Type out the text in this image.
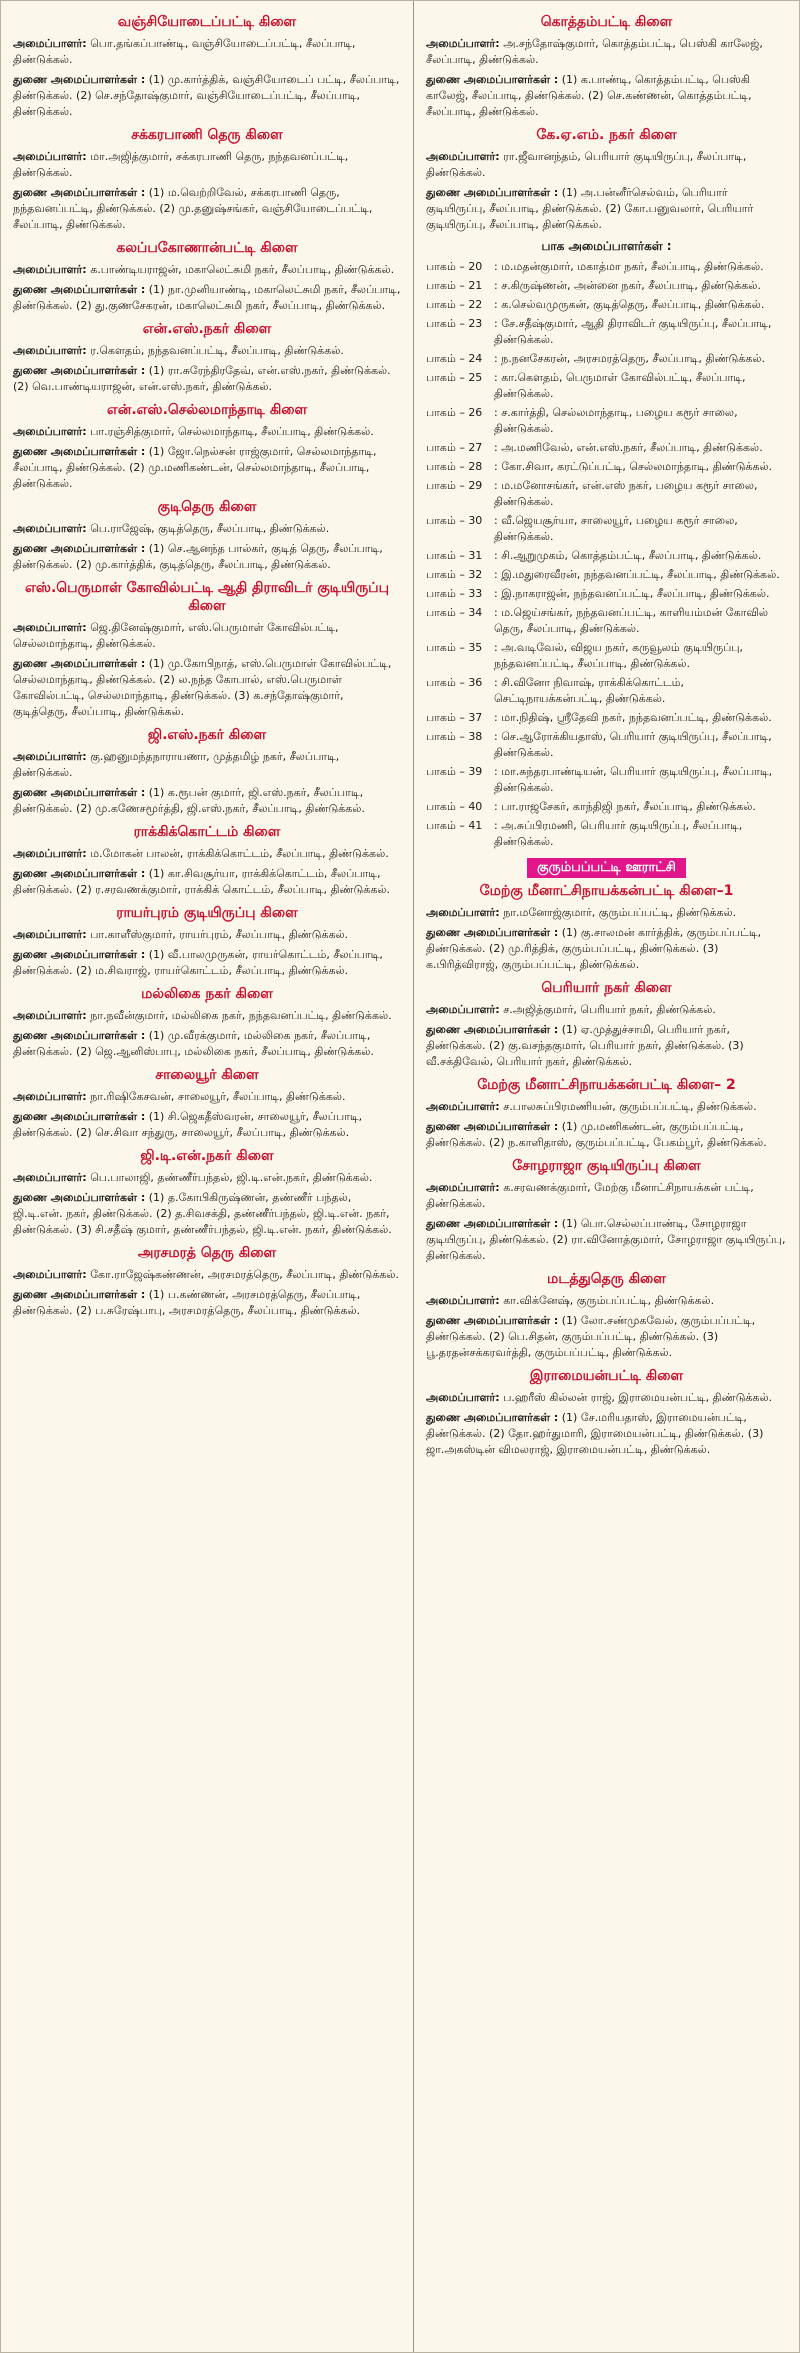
வஞ்சியோடைப்பட்டி கிளை
அமைப்பாளர்: பொ.தங்கப்பாண்டி, வஞ்சியோடைப்பட்டி, சீலப்பாடி, திண்டுக்கல்.
துணை அமைப்பாளர்கள் : (1) மு.கார்த்திக், வஞ்சியோடைப் பட்டி, சீலப்பாடி, திண்டுக்கல். (2) செ.சந்தோஷ்குமார், வஞ்சியோடைப்பட்டி, சீலப்பாடி, திண்டுக்கல்.
சக்கரபாணி தெரு கிளை
அமைப்பாளர்: மா.அஜித்குமார், சக்கரபாணி தெரு, நந்தவனப்பட்டி, திண்டுக்கல்.
துணை அமைப்பாளர்கள் : (1) ம.வெற்றிவேல், சக்கரபாணி தெரு, நந்தவனப்பட்டி, திண்டுக்கல். (2) மு.தனுஷ்சங்கர், வஞ்சியோடைப்பட்டி, சீலப்பாடி, திண்டுக்கல்.
கலப்பகோணான்பட்டி கிளை
அமைப்பாளர்: க.பாண்டியராஜன், மகாலெட்சுமி நகர், சீலப்பாடி, திண்டுக்கல்.
துணை அமைப்பாளர்கள் : (1) நா.முனியாண்டி, மகாலெட்சுமி நகர், சீலப்பாடி, திண்டுக்கல். (2) து.குணசேகரன், மகாலெட்சுமி நகர், சீலப்பாடி, திண்டுக்கல்.
என்.எஸ்.நகர் கிளை
அமைப்பாளர்: ர.கௌதம், நந்தவனப்பட்டி, சீலப்பாடி, திண்டுக்கல்.
துணை அமைப்பாளர்கள் : (1) ரா.சுரேந்திரதேவ், என்.எஸ்.நகர், திண்டுக்கல். (2) வெ.பாண்டியராஜன், என்.எஸ்.நகர், திண்டுக்கல்.
என்.எஸ்.செல்லமாந்தாடி கிளை
அமைப்பாளர்: பா.ரஞ்சித்குமார், செல்லமாந்தாடி, சீலப்பாடி, திண்டுக்கல்.
துணை அமைப்பாளர்கள் : (1) ஜோ.நெல்சன் ராஜ்குமார், செல்லமாந்தாடி, சீலப்பாடி, திண்டுக்கல். (2) மு.மணிகண்டன், செல்லமாந்தாடி, சீலப்பாடி, திண்டுக்கல்.
குடிதெரு கிளை
அமைப்பாளர்: பெ.ராஜேஷ், குடித்தெரு, சீலப்பாடி, திண்டுக்கல்.
துணை அமைப்பாளர்கள் : (1) செ.ஆனந்த பால்கர், குடித் தெரு, சீலப்பாடி, திண்டுக்கல். (2) மு.கார்த்திக், குடித்தெரு, சீலப்பாடி, திண்டுக்கல்.
எஸ்.பெருமாள் கோவில்பட்டி ஆதி திராவிடர் குடியிருப்பு கிளை
அமைப்பாளர்: ஜெ.தினேஷ்குமார், எஸ்.பெருமாள் கோவில்பட்டி, செல்லமாந்தாடி, திண்டுக்கல்.
துணை அமைப்பாளர்கள் : (1) மு.கோபிநாத், எஸ்.பெருமாள் கோவில்பட்டி, செல்லமாந்தாடி, திண்டுக்கல். (2) ல.நந்த கோபால், எஸ்.பெருமாள் கோவில்பட்டி, செல்லமாந்தாடி, திண்டுக்கல். (3) க.சந்தோஷ்குமார், குடித்தெரு, சீலப்பாடி, திண்டுக்கல்.
ஜி.எஸ்.நகர் கிளை
அமைப்பாளர்: கு.ஹனுமந்தநாராயணா, முத்தமிழ் நகர், சீலப்பாடி, திண்டுக்கல்.
துணை அமைப்பாளர்கள் : (1) க.ரூபன் குமார், ஜி.எஸ்.நகர், சீலப்பாடி, திண்டுக்கல். (2) மு.கணேசமூர்த்தி, ஜி.எஸ்.நகர், சீலப்பாடி, திண்டுக்கல்.
ராக்கிக்கொட்டம் கிளை
அமைப்பாளர்: ம.மோகன் பாலன், ராக்கிக்கொட்டம், சீலப்பாடி, திண்டுக்கல்.
துணை அமைப்பாளர்கள் : (1) கா.சிவசூர்யா, ராக்கிக்கொட்டம், சீலப்பாடி, திண்டுக்கல். (2) ர.சரவணக்குமார், ராக்கிக் கொட்டம், சீலப்பாடி, திண்டுக்கல்.
ராயர்புரம் குடியிருப்பு கிளை
அமைப்பாளர்: பா.காளீஸ்குமார், ராயர்புரம், சீலப்பாடி, திண்டுக்கல்.
துணை அமைப்பாளர்கள் : (1) வீ.பாலமுருகன், ராயர்கொட்டம், சீலப்பாடி, திண்டுக்கல். (2) ம.சிவராஜ், ராயர்கொட்டம், சீலப்பாடி, திண்டுக்கல்.
மல்லிகை நகர் கிளை
அமைப்பாளர்: நா.நவீன்குமார், மல்லிகை நகர், நந்தவனப்பட்டி, திண்டுக்கல்.
துணை அமைப்பாளர்கள் : (1) மு.வீரக்குமார், மல்லிகை நகர், சீலப்பாடி, திண்டுக்கல். (2) ஜெ.ஆனிஸ்பாபு, மல்லிகை நகர், சீலப்பாடி, திண்டுக்கல்.
சாலையூர் கிளை
அமைப்பாளர்: நா.ரிஷிகேசவன், சாலையூர், சீலப்பாடி, திண்டுக்கல்.
துணை அமைப்பாளர்கள் : (1) சி.ஜெகதீஸ்வரன், சாலையூர், சீலப்பாடி, திண்டுக்கல். (2) செ.சிவா சந்துரு, சாலையூர், சீலப்பாடி, திண்டுக்கல்.
ஜி.டி.என்.நகர் கிளை
அமைப்பாளர்: பெ.பாலாஜி, தண்ணீர்பந்தல், ஜி.டி.என்.நகர், திண்டுக்கல்.
துணை அமைப்பாளர்கள் : (1) த.கோபிகிருஷ்ணன், தண்ணீர் பந்தல், ஜி.டி.என். நகர், திண்டுக்கல். (2) த.சிவசக்தி, தண்ணீர்பந்தல், ஜி.டி.என். நகர், திண்டுக்கல். (3) சி.சதீஷ் குமார், தண்ணீர்பந்தல், ஜி.டி.என். நகர், திண்டுக்கல்.
அரசமரத் தெரு கிளை
அமைப்பாளர்: கோ.ராஜேஷ்கண்ணன், அரசமரத்தெரு, சீலப்பாடி, திண்டுக்கல்.
துணை அமைப்பாளர்கள் : (1) ப.கண்ணன், அரசமரத்தெரு, சீலப்பாடி, திண்டுக்கல். (2) ப.சுரேஷ்பாபு, அரசமரத்தெரு, சீலப்பாடி, திண்டுக்கல்.
கொத்தம்பட்டி கிளை
அமைப்பாளர்: அ.சந்தோஷ்குமார், கொத்தம்பட்டி, பெஸ்கி காலேஜ், சீலப்பாடி, திண்டுக்கல்.
துணை அமைப்பாளர்கள் : (1) க.பாண்டி, கொத்தம்பட்டி, பெஸ்கி காலேஜ், சீலப்பாடி, திண்டுக்கல். (2) செ.கண்ணன், கொத்தம்பட்டி, சீலப்பாடி, திண்டுக்கல்.
கே.ஏ.எம். நகர் கிளை
அமைப்பாளர்: ரா.ஜீவானந்தம், பெரியார் குடியிருப்பு, சீலப்பாடி, திண்டுக்கல்.
துணை அமைப்பாளர்கள் : (1) அ.பன்னீர்செல்வம், பெரியார் குடியிருப்பு, சீலப்பாடி, திண்டுக்கல். (2) கோ.பனுவலார், பெரியார் குடியிருப்பு, சீலப்பாடி, திண்டுக்கல்.
பாக அமைப்பாளர்கள் :
பாகம் – 20	: ம.மதன்குமார், மகாத்மா நகர், சீலப்பாடி, திண்டுக்கல்.
பாகம் – 21	: ச.கிருஷ்ணன், அன்னை நகர், சீலப்பாடி, திண்டுக்கல்.
பாகம் – 22	: க.செல்வமுருகன், குடித்தெரு, சீலப்பாடி, திண்டுக்கல்.
பாகம் – 23	: சே.சதீஷ்குமார், ஆதி திராவிடர் குடியிருப்பு, சீலப்பாடி, திண்டுக்கல்.
பாகம் – 24	: ந.நனசேகரன், அரசமரத்தெரு, சீலப்பாடி, திண்டுக்கல்.
பாகம் – 25	: கா.கௌதம், பெருமாள் கோவில்பட்டி, சீலப்பாடி, திண்டுக்கல்.
பாகம் – 26	: ச.கார்த்தி, செல்லமாந்தாடி, பழைய கரூர் சாலை, திண்டுக்கல்.
பாகம் – 27	: அ.மணிவேல், என்.எஸ்.நகர், சீலப்பாடி, திண்டுக்கல்.
பாகம் – 28	: கோ.சிவா, கரட்டுப்பட்டி, செல்லமாந்தாடி, திண்டுக்கல்.
பாகம் – 29	: ம.மனோசங்கர், என்.எஸ் நகர், பழைய கரூர் சாலை, திண்டுக்கல்.
பாகம் – 30	: வீ.ஜெயசூர்யா, சாலையூர், பழைய கரூர் சாலை, திண்டுக்கல்.
பாகம் – 31	: சி.ஆறுமுகம், கொத்தம்பட்டி, சீலப்பாடி, திண்டுக்கல்.
பாகம் – 32	: இ.மதுரைவீரன், நந்தவனப்பட்டி, சீலப்பாடி, திண்டுக்கல்.
பாகம் – 33	: இ.நாகராஜன், நந்தவனப்பட்டி, சீலப்பாடி, திண்டுக்கல்.
பாகம் – 34	: ம.ஜெய்சங்கர், நந்தவனப்பட்டி, காளியம்மன் கோவில் தெரு, சீலப்பாடி, திண்டுக்கல்.
பாகம் – 35	: அ.வடிவேல், விஜய நகர், கருவூலம் குடியிருப்பு, நந்தவனப்பட்டி, சீலப்பாடி, திண்டுக்கல்.
பாகம் – 36	: சி.வினோ நிவாஷ், ராக்கிக்கொட்டம், செட்டிநாயக்கன்பட்டி, திண்டுக்கல்.
பாகம் – 37	: மா.நிதிஷ், ஸ்ரீதேவி நகர், நந்தவனப்பட்டி, திண்டுக்கல்.
பாகம் – 38	: செ.ஆரோக்கியதாஸ், பெரியார் குடியிருப்பு, சீலப்பாடி, திண்டுக்கல்.
பாகம் – 39	: மா.சுந்தரபாண்டியன், பெரியார் குடியிருப்பு, சீலப்பாடி, திண்டுக்கல்.
பாகம் – 40	: பா.ராஜசேகர், காந்திஜி நகர், சீலப்பாடி, திண்டுக்கல்.
பாகம் – 41	: அ.சுப்பிரமணி, பெரியார் குடியிருப்பு, சீலப்பாடி, திண்டுக்கல்.
குரும்பப்பட்டி ஊராட்சி
மேற்கு மீனாட்சிநாயக்கன்பட்டி கிளை–1
அமைப்பாளர்: நா.மனோஜ்குமார், குரும்பப்பட்டி, திண்டுக்கல்.
துணை அமைப்பாளர்கள் : (1) கு.சாலமன் கார்த்திக், குரும்பப்பட்டி, திண்டுக்கல். (2) மு.ரித்திக், குரும்பப்பட்டி, திண்டுக்கல். (3) க.பிரித்விராஜ், குரும்பப்பட்டி, திண்டுக்கல்.
பெரியார் நகர் கிளை
அமைப்பாளர்: ச.அஜித்குமார், பெரியார் நகர், திண்டுக்கல்.
துணை அமைப்பாளர்கள் : (1) ஏ.முத்துச்சாமி, பெரியார் நகர், திண்டுக்கல். (2) கு.வசந்தகுமார், பெரியார் நகர், திண்டுக்கல். (3) வீ.சக்திவேல், பெரியார் நகர், திண்டுக்கல்.
மேற்கு மீனாட்சிநாயக்கன்பட்டி கிளை– 2
அமைப்பாளர்: ச.பாலசுப்பிரமணியன், குரும்பப்பட்டி, திண்டுக்கல்.
துணை அமைப்பாளர்கள் : (1) மு.மணிகண்டன், குரும்பப்பட்டி, திண்டுக்கல். (2) ந.காளிதாஸ், குரும்பப்பட்டி, பேகம்பூர், திண்டுக்கல்.
சோழராஜா குடியிருப்பு கிளை
அமைப்பாளர்: க.சரவணக்குமார், மேற்கு மீனாட்சிநாயக்கன் பட்டி, திண்டுக்கல்.
துணை அமைப்பாளர்கள் : (1) பொ.செல்லப்பாண்டி, சோழராஜா குடியிருப்பு, திண்டுக்கல். (2) ரா.வினோத்குமார், சோழராஜா குடியிருப்பு, திண்டுக்கல்.
மடத்துதெரு கிளை
அமைப்பாளர்: கா.விக்னேஷ், குரும்பப்பட்டி, திண்டுக்கல்.
துணை அமைப்பாளர்கள் : (1) லோ.சண்முகவேல், குரும்பப்பட்டி, திண்டுக்கல். (2) பெ.சிதன், குரும்பப்பட்டி, திண்டுக்கல். (3) பூ.தரதன்சக்கரவர்த்தி, குரும்பப்பட்டி, திண்டுக்கல்.
இராமையன்பட்டி கிளை
அமைப்பாளர்: ப.ஹரீஸ் கில்லன் ராஜ், இராமையன்பட்டி, திண்டுக்கல்.
துணை அமைப்பாளர்கள் : (1) சே.மரியதாஸ், இராமையன்பட்டி, திண்டுக்கல். (2) தோ.ஹர்துமாரி, இராமையன்பட்டி, திண்டுக்கல். (3) ஜா.அகஸ்டின் விமலராஜ், இராமையன்பட்டி, திண்டுக்கல்.
